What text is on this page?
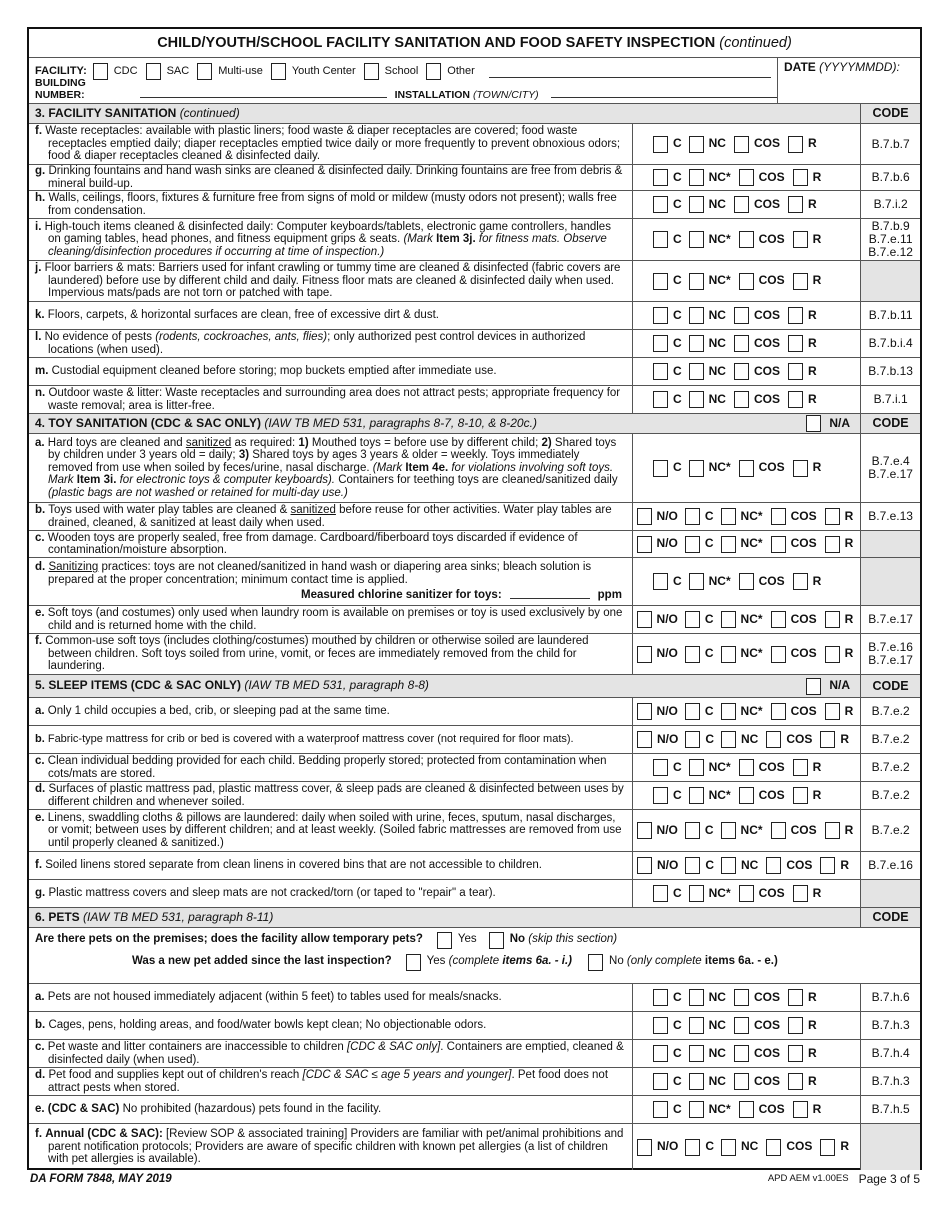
CHILD/YOUTH/SCHOOL FACILITY SANITATION AND FOOD SAFETY INSPECTION
(continued)
FACILITY: CDC	SAC	Multi-use	Youth Center	School	Other
BUILDING NUMBER:	INSTALLATION
(TOWN/CITY)
DATE (YYYYMMDD):
3. FACILITY SANITATION
(continued)	CODE
f. Waste receptacles: available with plastic liners; food waste & diaper receptacles are covered; food waste receptacles emptied daily; diaper receptacles emptied twice daily or more frequently to prevent obnoxious odors; food & diaper receptacles cleaned & disinfected daily.
C NC COS R	B.7.b.7
g. Drinking fountains and hand wash sinks are cleaned & disinfected daily. Drinking fountains are free from debris & mineral build-up.	C NC* COS R	B.7.b.6
h. Walls, ceilings, floors, fixtures & furniture free from signs of mold or mildew (musty odors not present); walls free from condensation.	C NC COS R	B.7.i.2
i. High-touch items cleaned & disinfected daily: Computer keyboards/tablets, electronic game controllers, handles on gaming tables, head phones, and fitness equipment grips & seats. (Mark Item 3j. for fitness mats. Observe cleaning/disinfection procedures if occurring at time of inspection.)
C NC* COS R
B.7.b.9
B.7.e.11
B.7.e.12
j. Floor barriers & mats: Barriers used for infant crawling or tummy time are cleaned & disinfected (fabric covers are laundered) before use by different child and daily. Fitness floor mats are cleaned & disinfected daily when used. Impervious mats/pads are not torn or patched with tape.
C NC* COS R
k. Floors, carpets, & horizontal surfaces are clean, free of excessive dirt & dust.	C NC COS R	B.7.b.11
l. No evidence of pests (rodents, cockroaches, ants, flies); only authorized pest control devices in authorized locations (when used).	C NC COS R	B.7.b.i.4
m. Custodial equipment cleaned before storing; mop buckets emptied after immediate use.	C NC COS R	B.7.b.13
n. Outdoor waste & litter: Waste receptacles and surrounding area does not attract pests; appropriate frequency for waste removal; area is litter-free.	C NC COS R	B.7.i.1
4. TOY SANITATION (CDC & SAC ONLY)
(IAW TB MED 531, paragraphs 8-7, 8-10, & 8-20c.)	N/A	CODE
a. Hard toys are cleaned and sanitized as required: 1) Mouthed toys = before use by different child; 2) Shared toys by children under 3 years old = daily; 3) Shared toys by ages 3 years & older = weekly. Toys immediately removed from use when soiled by feces/urine, nasal discharge. (Mark Item 4e. for violations involving soft toys. Mark Item 3i. for electronic toys & computer keyboards). Containers for teething toys are cleaned/sanitized daily (plastic bags are not washed or retained for multi-day use.)
C NC* COS R	B.7.e.4
B.7.e.17
b. Toys used with water play tables are cleaned & sanitized before reuse for other activities. Water play tables are drained, cleaned, & sanitized at least daily when used.	N/O C NC* COS R B.7.e.13
c. Wooden toys are properly sealed, free from damage. Cardboard/fiberboard toys discarded if evidence of contamination/moisture absorption.	N/O C NC* COS R
d. Sanitizing practices: toys are not cleaned/sanitized in hand wash or diapering area sinks; bleach solution is prepared at the proper concentration; minimum contact time is applied.
Measured chlorine sanitizer for toys:	ppm
C NC* COS R
e. Soft toys (and costumes) only used when laundry room is available on premises or toy is used exclusively by one child and is returned home with the child.	N/O C NC* COS R B.7.e.17
f. Common-use soft toys (includes clothing/costumes) mouthed by children or otherwise soiled are laundered between children. Soft toys soiled from urine, vomit, or feces are immediately removed from the child for laundering.
N/O C NC* COS R B.7.e.16
B.7.e.17
5. SLEEP ITEMS (CDC & SAC ONLY)
(IAW TB MED 531, paragraph 8-8)	N/A	CODE
a. Only 1 child occupies a bed, crib, or sleeping pad at the same time.	N/O C NC* COS R B.7.e.2
b. Fabric-type mattress for crib or bed is covered with a waterproof mattress cover (not required for floor mats).	N/O C NC COS R B.7.e.2
c. Clean individual bedding provided for each child. Bedding properly stored; protected from contamination when cots/mats are stored.	C NC* COS R	B.7.e.2
d. Surfaces of plastic mattress pad, plastic mattress cover, & sleep pads are cleaned & disinfected between uses by different children and whenever soiled.	C NC* COS R	B.7.e.2
e. Linens, swaddling cloths & pillows are laundered: daily when soiled with urine, feces, sputum, nasal discharges, or vomit; between uses by different children; and at least weekly. (Soiled fabric mattresses are removed from use until properly cleaned & sanitized.)
N/O C NC* COS R B.7.e.2
f. Soiled linens stored separate from clean linens in covered bins that are not accessible to children.	N/O C NC COS R B.7.e.16
g. Plastic mattress covers and sleep mats are not cracked/torn (or taped to "repair" a tear).	C NC* COS R
6. PETS
(IAW TB MED 531, paragraph 8-11)	CODE
Are there pets on the premises; does the facility allow temporary pets?	Yes	No
(skip this section)
Was a new pet added since the last inspection?	Yes
(complete
items 6a. - i.)	No
(only complete
items 6a. - e.)
a. Pets are not housed immediately adjacent (within 5 feet) to tables used for meals/snacks.	C NC COS R	B.7.h.6
b. Cages, pens, holding areas, and food/water bowls kept clean; No objectionable odors.	C NC COS R	B.7.h.3
c. Pet waste and litter containers are inaccessible to children [CDC & SAC only]. Containers are emptied, cleaned & disinfected daily (when used).	C NC COS R	B.7.h.4
d. Pet food and supplies kept out of children's reach [CDC & SAC ≤ age 5 years and younger]. Pet food does not attract pests when stored.	C NC COS R	B.7.h.3
e. (CDC & SAC) No prohibited (hazardous) pets found in the facility.	C NC* COS R	B.7.h.5
f. Annual (CDC & SAC): [Review SOP & associated training] Providers are familiar with pet/animal prohibitions and parent notification protocols; Providers are aware of specific children with known pet allergies (a list of children with pet allergies is available).
N/O C NC COS R
DA FORM 7848, MAY 2019	APD AEM v1.00ES Page 3 of 5
